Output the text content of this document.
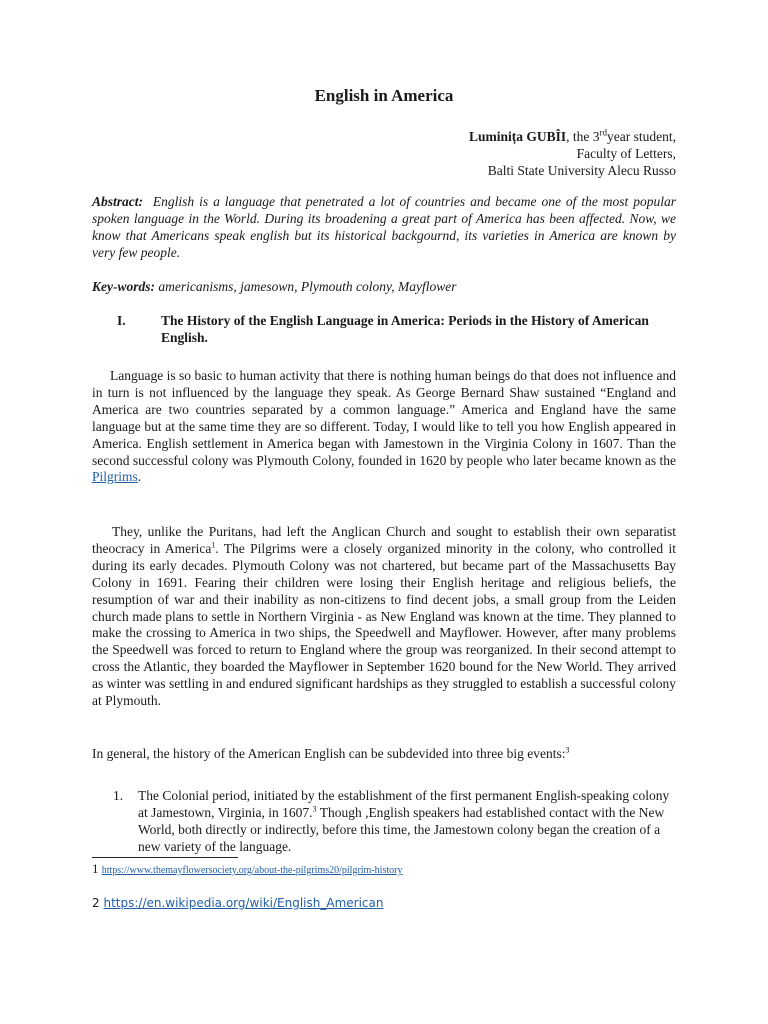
English in America
Luminița GUBÎI, the 3rdyear student,
Faculty of Letters,
Balti State University Alecu Russo
Abstract: English is a language that penetrated a lot of countries and became one of the most popular spoken language in the World. During its broadening a great part of America has been affected. Now, we know that Americans speak english but its historical backgournd, its varieties in America are known by very few people.
Key-words: americanisms, jamesown, Plymouth colony, Mayflower
I.	The History of the English Language in America: Periods in the History of American English.
Language is so basic to human activity that there is nothing human beings do that does not influence and in turn is not influenced by the language they speak. As George Bernard Shaw sustained “England and America are two countries separated by a common language.” America and England have the same language but at the same time they are so different. Today, I would like to tell you how English appeared in America. English settlement in America began with Jamestown in the Virginia Colony in 1607. Than the second successful colony was Plymouth Colony, founded in 1620 by people who later became known as the Pilgrims.
They, unlike the Puritans, had left the Anglican Church and sought to establish their own separatist theocracy in America$^1$. The Pilgrims were a closely organized minority in the colony, who controlled it during its early decades. Plymouth Colony was not chartered, but became part of the Massachusetts Bay Colony in 1691. Fearing their children were losing their English heritage and religious beliefs, the resumption of war and their inability as non-citizens to find decent jobs, a small group from the Leiden church made plans to settle in Northern Virginia - as New England was known at the time. They planned to make the crossing to America in two ships, the Speedwell and Mayflower. However, after many problems the Speedwell was forced to return to England where the group was reorganized. In their second attempt to cross the Atlantic, they boarded the Mayflower in September 1620 bound for the New World. They arrived as winter was settling in and endured significant hardships as they struggled to establish a successful colony at Plymouth.
In general, the history of the American English can be subdevided into three big events:$^3$
1. The Colonial period, initiated by the establishment of the first permanent English-speaking colony at Jamestown, Virginia, in 1607.$^3$ Though ,English speakers had established contact with the New World, both directly or indirectly, before this time, the Jamestown colony began the creation of a new variety of the language.
1 https://www.themayflowersociety.org/about-the-pilgrims20/pilgrim-history
2 https://en.wikipedia.org/wiki/English_American
